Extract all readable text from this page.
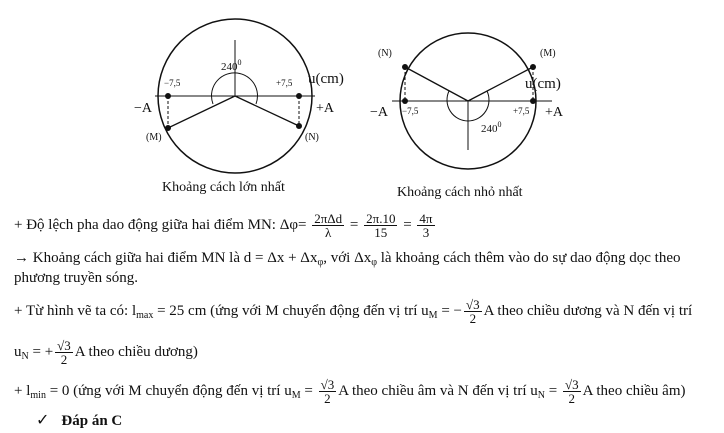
$240^0$
u(cm)
−A	+A
−7,5	+7,5
(M)	(N)
Khoảng cách lớn nhất
$240^0$
u(cm)
−A	+A
−7,5	+7,5
(N)	(M)
Khoảng cách nhỏ nhất
+ Độ lệch pha dao động giữa hai điểm MN: $\Delta\varphi= \frac{\text{2πΔd}}{\lambda} = \frac{2\pi.10}{15} = \frac{4\pi}{3}$
→ Khoảng cách giữa hai điểm MN là $d = \Delta x + \Delta x_\varphi$, với $\Delta x_\varphi$ là khoảng cách thêm vào do sự dao động dọc theo
phương truyền sóng.
+ Từ hình vẽ ta có: $l_{max} = 25$ cm (ứng với M chuyển động đến vị trí $u_M$ = − $\frac{√3}{2}$ A theo chiều dương và N đến vị trí
$u_N$ = + $\frac{√3}{2}$ A theo chiều dương)
+ $l_{min} = 0$ (ứng với M chuyển động đến vị trí $u_M = \frac{√3}{2}$ A theo chiều âm và N đến vị trí $u_N = \frac{√3}{2}$ A theo chiều âm)
✓ Đáp án C
